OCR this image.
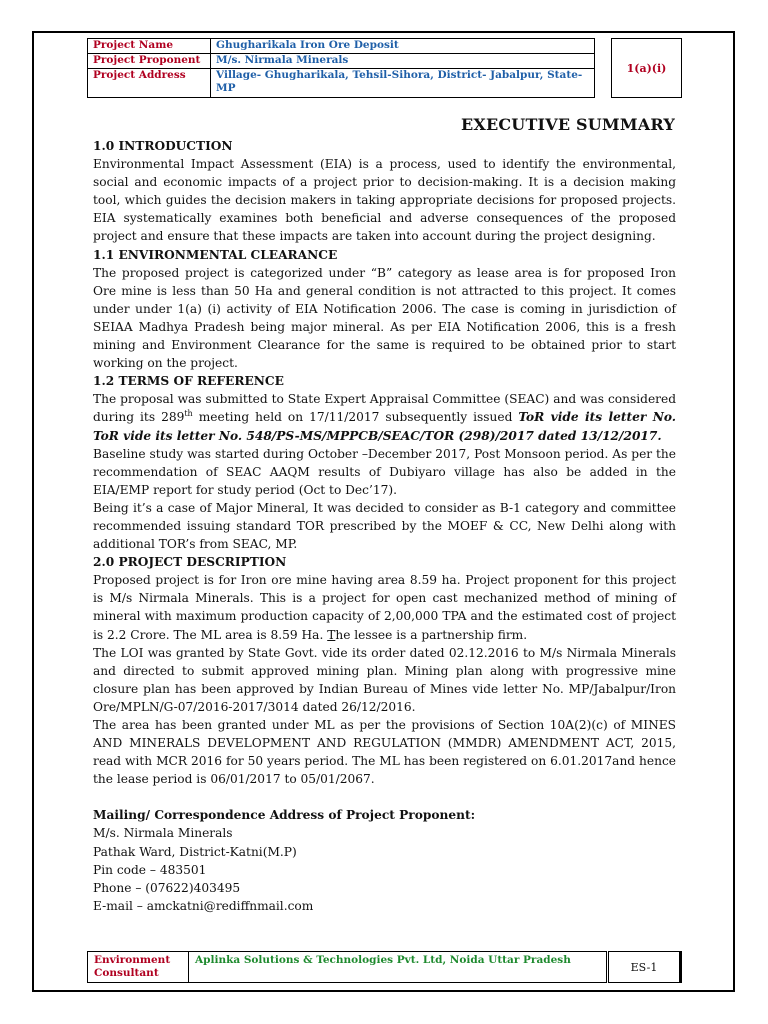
Project Name	Ghugharikala Iron Ore Deposit
Project Proponent	M/s. Nirmala Minerals
Project Address	Village- Ghugharikala, Tehsil-Sihora, District- Jabalpur, State-MP
1(a)(i)
EXECUTIVE SUMMARY
1.0 INTRODUCTION

Environmental Impact Assessment (EIA) is a process, used to identify the environmental, social and economic impacts of a project prior to decision-making. It is a decision making tool, which guides the decision makers in taking appropriate decisions for proposed projects. EIA systematically examines both beneficial and adverse consequences of the proposed project and ensure that these impacts are taken into account during the project designing.

1.1 ENVIRONMENTAL CLEARANCE

The proposed project is categorized under “B” category as lease area is for proposed Iron Ore mine is less than 50 Ha and general condition is not attracted to this project. It comes under under 1(a) (i) activity of EIA Notification 2006. The case is coming in jurisdiction of SEIAA Madhya Pradesh being major mineral. As per EIA Notification 2006, this is a fresh mining and Environment Clearance for the same is required to be obtained prior to start working on the project.

1.2 TERMS OF REFERENCE

The proposal was submitted to State Expert Appraisal Committee (SEAC) and was considered during its 289th meeting held on 17/11/2017 subsequently issued ToR vide its letter No. ToR vide its letter No. 548/PS-MS/MPPCB/SEAC/TOR (298)/2017 dated 13/12/2017.

Baseline study was started during October –December 2017, Post Monsoon period. As per the recommendation of SEAC AAQM results of Dubiyaro village has also be added in the EIA/EMP report for study period (Oct to Dec’17).

Being it’s a case of Major Mineral, It was decided to consider as B-1 category and committee recommended issuing standard TOR prescribed by the MOEF & CC, New Delhi along with additional TOR’s from SEAC, MP.

2.0 PROJECT DESCRIPTION

Proposed project is for Iron ore mine having area 8.59 ha. Project proponent for this project is M/s Nirmala Minerals. This is a project for open cast mechanized method of mining of mineral with maximum production capacity of 2,00,000 TPA and the estimated cost of project is 2.2 Crore. The ML area is 8.59 Ha. The lessee is a partnership firm.

The LOI was granted by State Govt. vide its order dated 02.12.2016 to M/s Nirmala Minerals and directed to submit approved mining plan. Mining plan along with progressive mine closure plan has been approved by Indian Bureau of Mines vide letter No. MP/Jabalpur/Iron Ore/MPLN/G-07/2016-2017/3014 dated 26/12/2016.

The area has been granted under ML as per the provisions of Section 10A(2)(c) of MINES AND MINERALS DEVELOPMENT AND REGULATION (MMDR) AMENDMENT ACT, 2015, read with MCR 2016 for 50 years period. The ML has been registered on 6.01.2017and hence the lease period is 06/01/2017 to 05/01/2067.

Mailing/ Correspondence Address of Project Proponent:

M/s. Nirmala Minerals

Pathak Ward, District-Katni(M.P)

Pin code – 483501

Phone – (07622)403495

E-mail – amckatni@rediffnmail.com

Environment Consultant	Aplinka Solutions & Technologies Pvt. Ltd, Noida Uttar Pradesh
ES-1
